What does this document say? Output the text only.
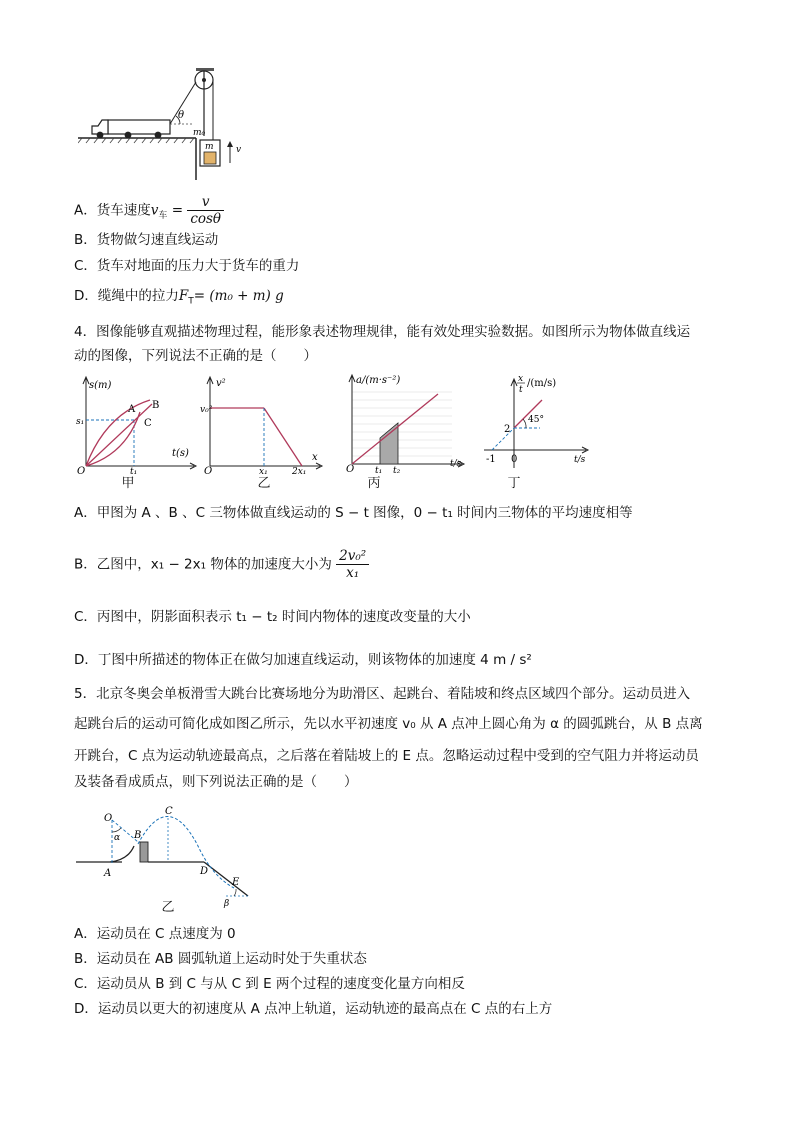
θ
m₀
m v
A．货车速度$v_车 = \frac{v}{\cos\theta}$
B．货物做匀速直线运动
C．货车对地面的压力大于货车的重力
D．缆绳中的拉力$F_T= (m_0 + m)$ g
4．图像能够直观描述物理过程，能形象表述物理规律，能有效处理实验数据。如图所示为物体做直线运
动的图像，下列说法不正确的是（　　）
s(m)
t(s)
O
s₁
t₁
A B
C
甲
v²
v₀²
O	x₁	2x₁
x
乙
a/(m·s⁻²)
O t₁ t₂
t/s
丙
x
t
/(m/s)
2
-1 0
45°
t/s
丁
A．甲图为 A 、B 、C 三物体做直线运动的 S − t 图像，0 − t₁ 时间内三物体的平均速度相等
B．乙图中，x₁ − 2x₁ 物体的加速度大小为 $\frac{\text{2v₀²}}{\text{x₁}}$
C．丙图中，阴影面积表示 t₁ − t₂ 时间内物体的速度改变量的大小
D．丁图中所描述的物体正在做匀加速直线运动，则该物体的加速度 4 m / s²
5．北京冬奥会单板滑雪大跳台比赛场地分为助滑区、起跳台、着陆坡和终点区域四个部分。运动员进入
起跳台后的运动可简化成如图乙所示，先以水平初速度 v₀ 从 A 点冲上圆心角为 α 的圆弧跳台，从 B 点离
开跳台，C 点为运动轨迹最高点，之后落在着陆坡上的 E 点。忽略运动过程中受到的空气阻力并将运动员
及装备看成质点，则下列说法正确的是（　　）
O
α B
C
A	D
E
β
乙
A．运动员在 C 点速度为 0
B．运动员在 AB 圆弧轨道上运动时处于失重状态
C．运动员从 B 到 C 与从 C 到 E 两个过程的速度变化量方向相反
D．运动员以更大的初速度从 A 点冲上轨道，运动轨迹的最高点在 C 点的右上方
